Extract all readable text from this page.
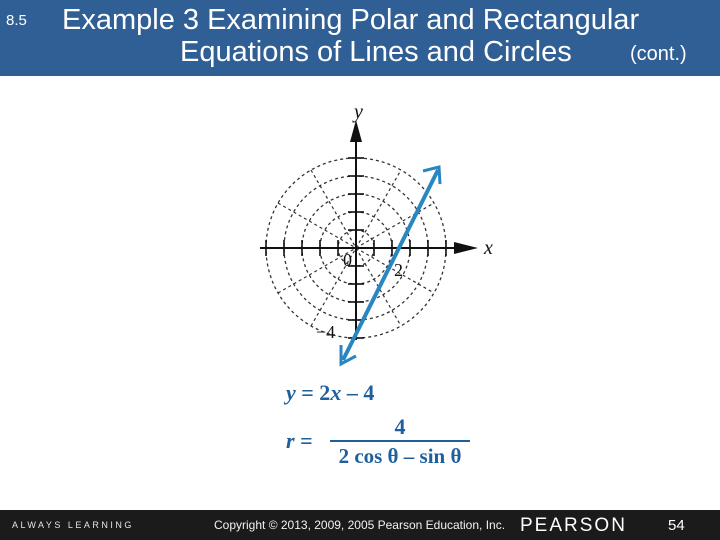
8.5 Example 3 Examining Polar and Rectangular
Equations of Lines and Circles	(cont.)
y
x
0 2
−4
y = 2x – 4
r =
4
2 cos θ – sin θ
ALWAYS LEARNING	Copyright © 2013, 2009, 2005 Pearson Education, Inc. PEARSON	54
